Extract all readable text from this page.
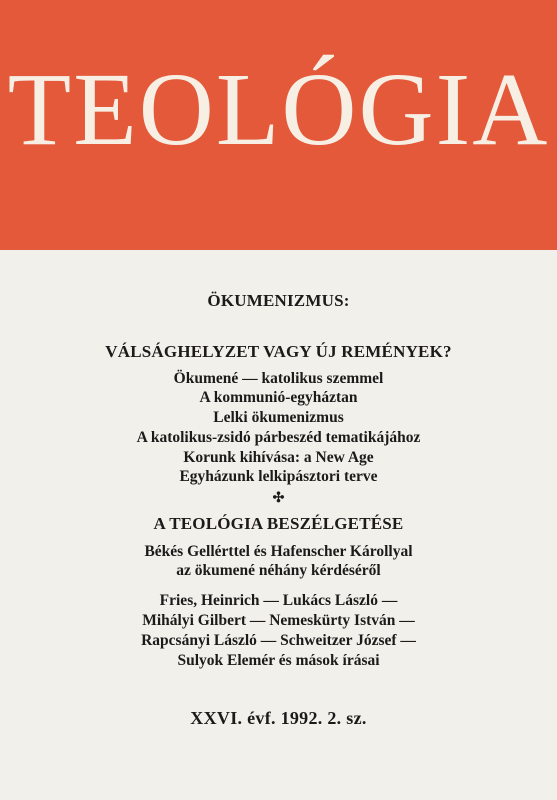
TEOLÓGIA
ÖKUMENIZMUS:
VÁLSÁGHELYZET VAGY ÚJ REMÉNYEK?
Ökumené — katolikus szemmel
A kommunió-egyháztan
Lelki ökumenizmus
A katolikus-zsidó párbeszéd tematikájához
Korunk kihívása: a New Age
Egyházunk lelkipásztori terve
✣
A TEOLÓGIA BESZÉLGETÉSE
Békés Gellérttel és Hafenscher Károllyal
az ökumené néhány kérdéséről
Fries, Heinrich — Lukács László —
Mihályi Gilbert — Nemeskürty István —
Rapcsányi László — Schweitzer József —
Sulyok Elemér és mások írásai
XXVI. évf. 1992. 2. sz.
